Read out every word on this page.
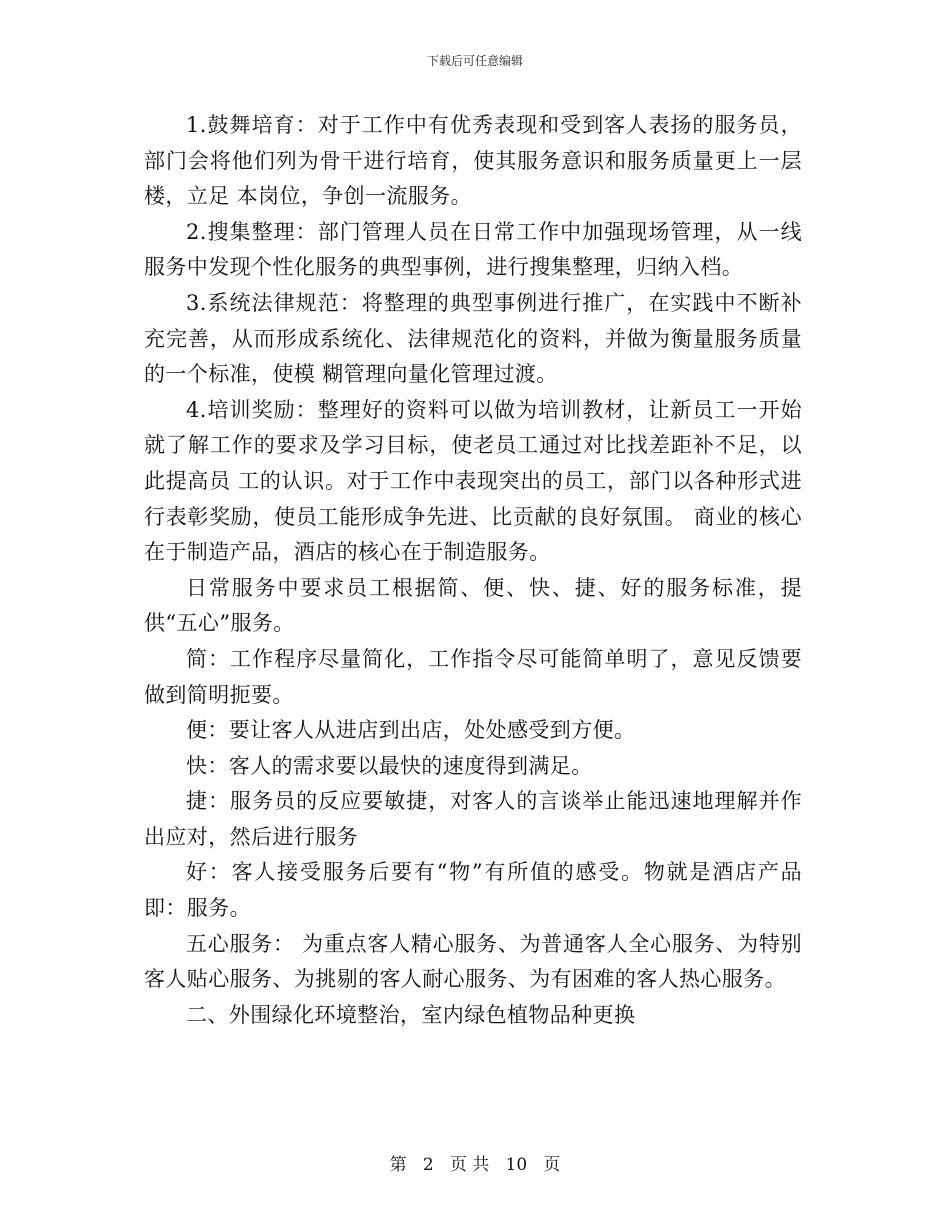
下载后可任意编辑

1.鼓舞培育：对于工作中有优秀表现和受到客人表扬的服务员，部门会将他们列为骨干进行培育，使其服务意识和服务质量更上一层楼，立足 本岗位，争创一流服务。

2.搜集整理：部门管理人员在日常工作中加强现场管理，从一线服务中发现个性化服务的典型事例，进行搜集整理，归纳入档。

3.系统法律规范：将整理的典型事例进行推广，在实践中不断补充完善，从而形成系统化、法律规范化的资料，并做为衡量服务质量的一个标准，使模 糊管理向量化管理过渡。

4.培训奖励：整理好的资料可以做为培训教材，让新员工一开始就了解工作的要求及学习目标，使老员工通过对比找差距补不足，以此提高员 工的认识。对于工作中表现突出的员工，部门以各种形式进行表彰奖励，使员工能形成争先进、比贡献的良好氛围。 商业的核心在于制造产品，酒店的核心在于制造服务。

日常服务中要求员工根据简、便、快、捷、好的服务标准，提供“五心”服务。

简：工作程序尽量简化，工作指令尽可能简单明了，意见反馈要做到简明扼要。

便：要让客人从进店到出店，处处感受到方便。

快：客人的需求要以最快的速度得到满足。

捷：服务员的反应要敏捷，对客人的言谈举止能迅速地理解并作出应对，然后进行服务

好：客人接受服务后要有“物”有所值的感受。物就是酒店产品即：服务。

五心服务： 为重点客人精心服务、为普通客人全心服务、为特别客人贴心服务、为挑剔的客人耐心服务、为有困难的客人热心服务。

二、外围绿化环境整治，室内绿色植物品种更换

第 2 页 共 10 页
